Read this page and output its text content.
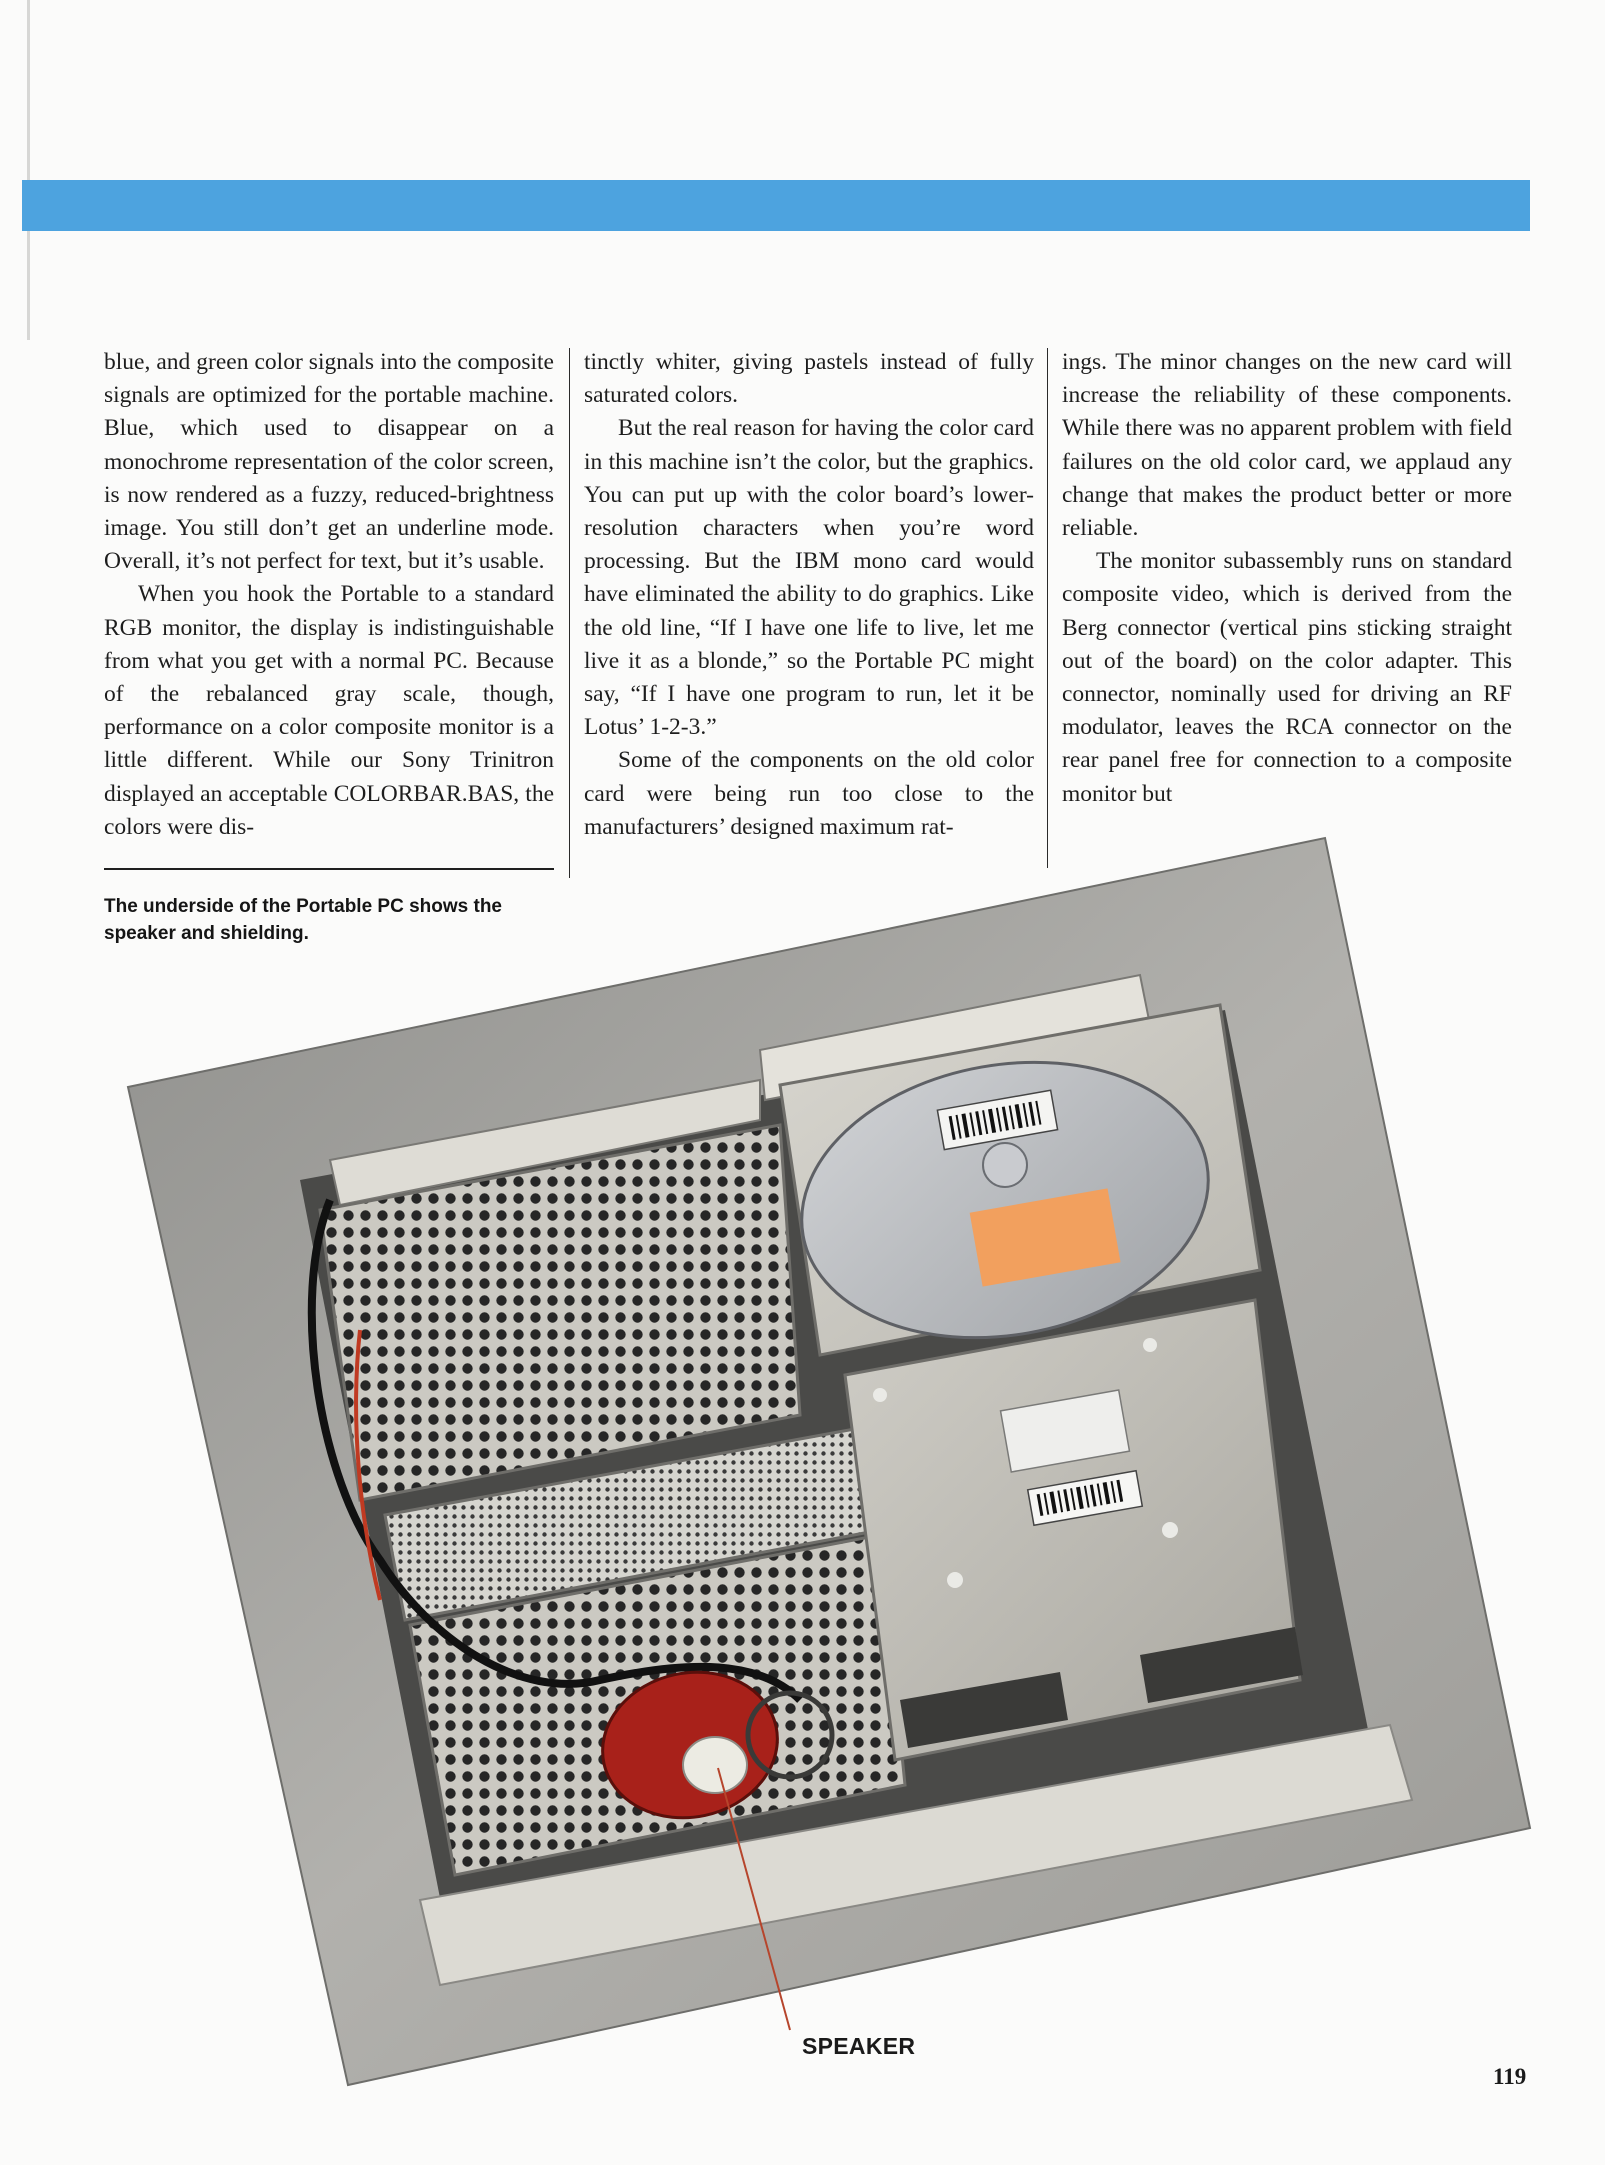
blue, and green color signals into the composite signals are optimized for the portable machine. Blue, which used to disappear on a monochrome representation of the color screen, is now rendered as a fuzzy, reduced-brightness image. You still don’t get an underline mode. Overall, it’s not perfect for text, but it’s usable.

When you hook the Portable to a standard RGB monitor, the display is indistinguishable from what you get with a normal PC. Because of the rebalanced gray scale, though, performance on a color composite monitor is a little different. While our Sony Trinitron displayed an acceptable COLORBAR.BAS, the colors were dis-

tinctly whiter, giving pastels instead of fully saturated colors.

But the real reason for having the color card in this machine isn’t the color, but the graphics. You can put up with the color board’s lower-resolution characters when you’re word processing. But the IBM mono card would have eliminated the ability to do graphics. Like the old line, “If I have one life to live, let me live it as a blonde,” so the Portable PC might say, “If I have one program to run, let it be Lotus’ 1-2-3.”

Some of the components on the old color card were being run too close to the manufacturers’ designed maximum rat-

ings. The minor changes on the new card will increase the reliability of these components. While there was no apparent problem with field failures on the old color card, we applaud any change that makes the product better or more reliable.

The monitor subassembly runs on standard composite video, which is derived from the Berg connector (vertical pins sticking straight out of the board) on the color adapter. This connector, nominally used for driving an RF modulator, leaves the RCA connector on the rear panel free for connection to a composite monitor but

The underside of the Portable PC shows the speaker and shielding.
SPEAKER
119
